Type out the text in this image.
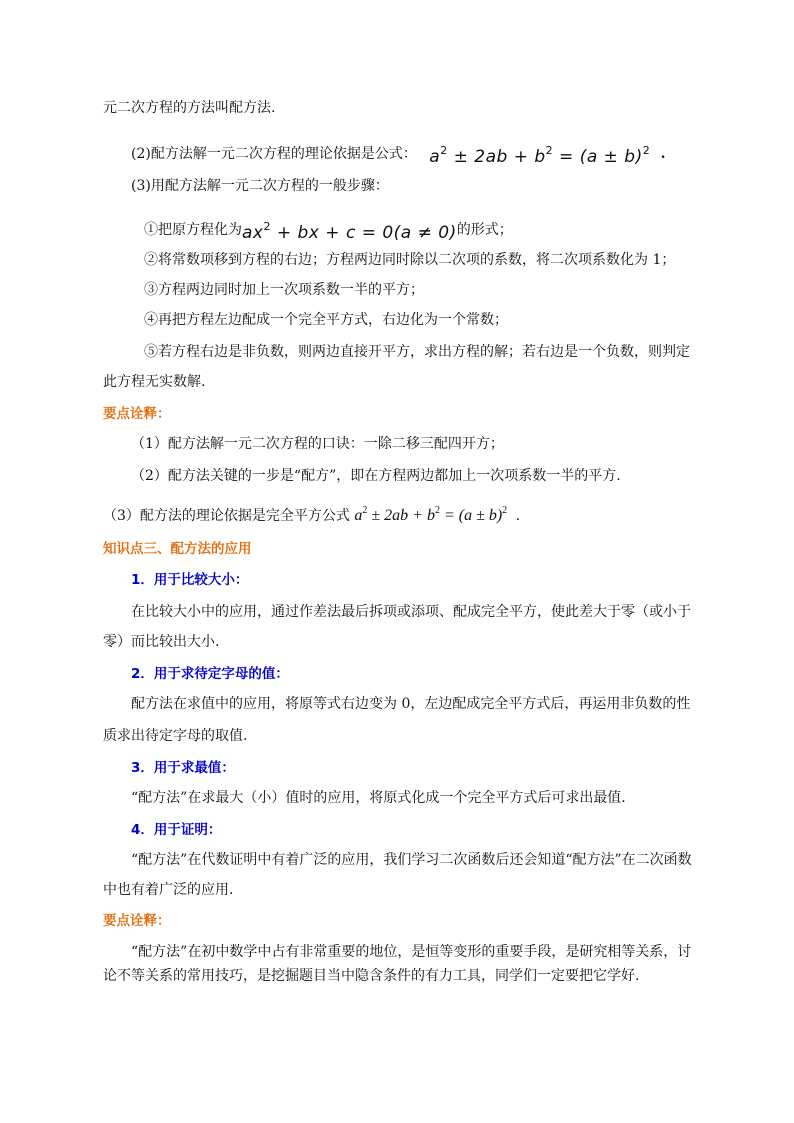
元二次方程的方法叫配方法.
(2)配方法解一元二次方程的理论依据是公式： $a^2 \pm 2ab + b^2 = (a \pm b)^2$ .
(3)用配方法解一元二次方程的一般步骤：
①把原方程化为$ax^2$ + bx + c = 0(a ≠ 0)的形式；
②将常数项移到方程的右边；方程两边同时除以二次项的系数，将二次项系数化为 1；
③方程两边同时加上一次项系数一半的平方；
④再把方程左边配成一个完全平方式，右边化为一个常数；
⑤若方程右边是非负数，则两边直接开平方，求出方程的解；若右边是一个负数，则判定
此方程无实数解.
要点诠释：
（1）配方法解一元二次方程的口诀：一除二移三配四开方；
（2）配方法关键的一步是“配方”，即在方程两边都加上一次项系数一半的平方.
（3）配方法的理论依据是完全平方公式 $a^2 \pm 2ab + b^2 = (a \pm b)^2$ .
知识点三、配方法的应用
1．用于比较大小：
在比较大小中的应用，通过作差法最后拆项或添项、配成完全平方，使此差大于零（或小于
零）而比较出大小.
2．用于求待定字母的值：
配方法在求值中的应用，将原等式右边变为 0，左边配成完全平方式后，再运用非负数的性
质求出待定字母的取值.
3．用于求最值：
“配方法”在求最大（小）值时的应用，将原式化成一个完全平方式后可求出最值.
4．用于证明：
“配方法”在代数证明中有着广泛的应用，我们学习二次函数后还会知道“配方法”在二次函数
中也有着广泛的应用.
要点诠释：
“配方法”在初中数学中占有非常重要的地位，是恒等变形的重要手段，是研究相等关系，讨
论不等关系的常用技巧，是挖掘题目当中隐含条件的有力工具，同学们一定要把它学好.
